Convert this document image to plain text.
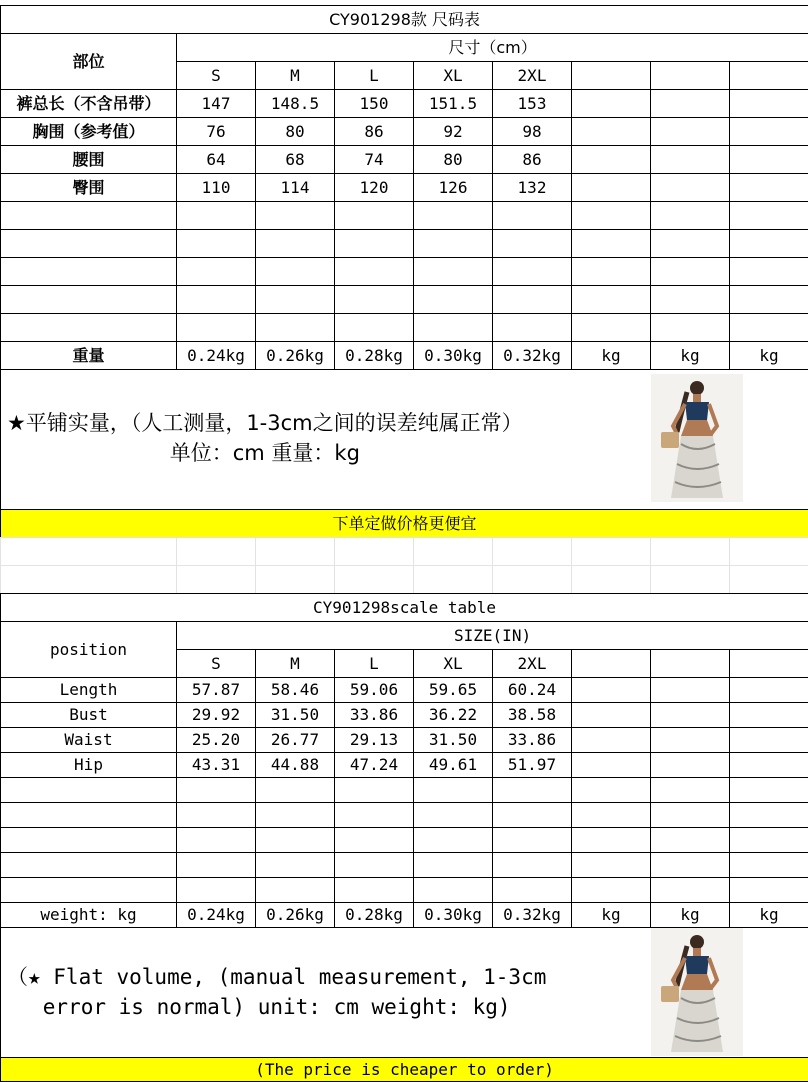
CY901298款 尺码表								
部位	尺寸（cm）							
	S	M	L	XL	2XL			
裤总长（不含吊带）	147	148.5	150	151.5	153			
胸围（参考值）	76	80	86	92	98			
腰围	64	68	74	80	86			
臀围	110	114	120	126	132			

重量	0.24kg	0.26kg	0.28kg	0.30kg	0.32kg	kg	kg	kg

★平铺实量，（人工测量，1-3cm之间的误差纯属正常）
单位：cm 重量：kg								

下单定做价格更便宜								

CY901298scale table								
position	SIZE(IN)							
	S	M	L	XL	2XL			
Length	57.87	58.46	59.06	59.65	60.24			
Bust	29.92	31.50	33.86	36.22	38.58			
Waist	25.20	26.77	29.13	31.50	33.86			
Hip	43.31	44.88	47.24	49.61	51.97			

weight: kg	0.24kg	0.26kg	0.28kg	0.30kg	0.32kg	kg	kg	kg

（★ Flat volume, (manual measurement, 1-3cm
error is normal) unit: cm weight: kg)								

(The price is cheaper to order)								
